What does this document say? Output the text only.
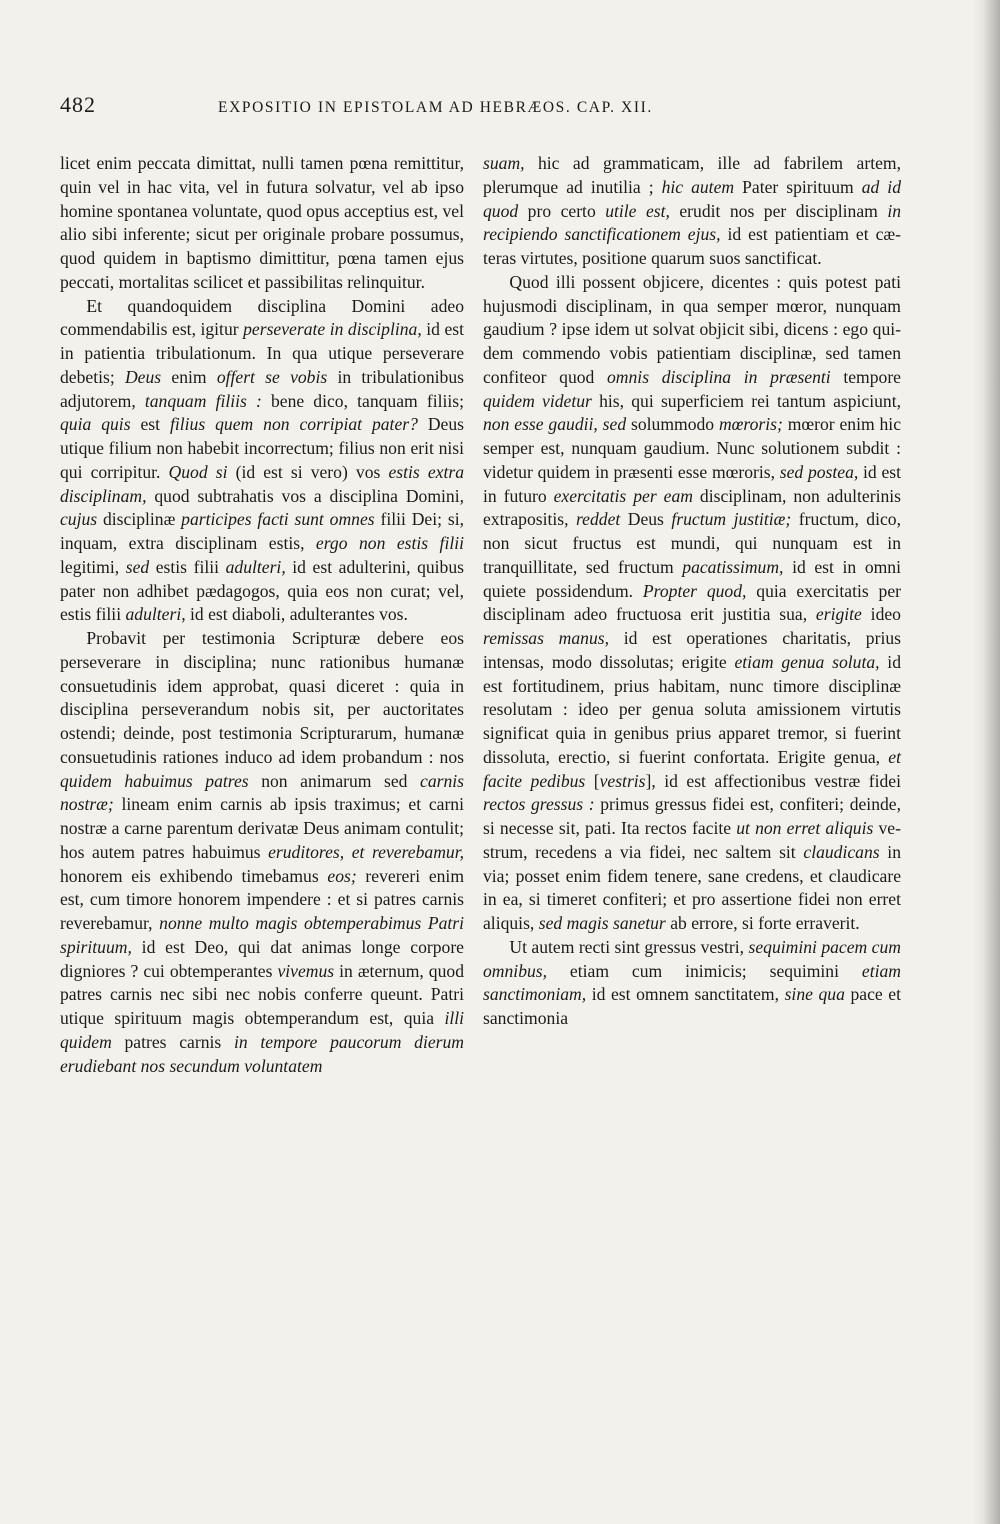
482	EXPOSITIO IN EPISTOLAM AD HEBRÆOS. CAP. XII.

licet enim peccata dimittat, nulli tamen pœna remittitur, quin vel in hac vita, vel in futura solvatur, vel ab ipso homine spontanea voluntate, quod opus acceptius est, vel alio sibi inferente; sicut per originale probare possumus, quod quidem in baptismo dimittitur, pœna tamen ejus peccati, mortalitas scilicet et passibilitas relinquitur.

Et quandoquidem disciplina Domini adeo commendabilis est, igitur perseverate in disciplina, id est in patientia tribulationum. In qua utique perseverare debetis; Deus enim offert se vobis in tribulationibus adjutorem, tanquam filiis : bene dico, tanquam filiis; quia quis est filius quem non corripiat pater? Deus utique filium non habebit incorrectum; filius non erit nisi qui corripitur. Quod si (id est si vero) vos estis extra disciplinam, quod subtrahatis vos a disciplina Domini, cujus disciplinæ participes facti sunt omnes filii Dei; si, inquam, extra disciplinam estis, ergo non estis filii legitimi, sed estis filii adulteri, id est adulterini, quibus pater non adhibet pædagogos, quia eos non curat; vel, estis filii adulteri, id est diaboli, adulterantes vos.

Probavit per testimonia Scripturæ debere eos perseverare in disciplina; nunc rationibus humanæ consuetudinis idem approbat, quasi diceret : quia in disciplina perseverandum nobis sit, per auctoritates ostendi; deinde, post testimonia Scripturarum, humanæ consuetudinis rationes induco ad idem probandum : nos quidem habuimus patres non animarum sed carnis nostræ; lineam enim carnis ab ipsis traximus; et carni nostræ a carne parentum derivatæ Deus animam contulit; hos autem patres habuimus eruditores, et reverebamur, honorem eis exhibendo timebamus eos; revereri enim est, cum timore honorem impendere : et si patres carnis reverebamur, nonne multo magis obtemperabimus Patri spirituum, id est Deo, qui dat animas longe corpore digniores ? cui obtemperantes vivemus in æternum, quod patres carnis nec sibi nec nobis conferre queunt. Patri utique spirituum magis obtemperandum est, quia illi quidem patres carnis in tempore paucorum dierum erudiebant nos secundum voluntatem

suam, hic ad grammaticam, ille ad fabrilem artem, plerumque ad inutilia ; hic autem Pater spirituum ad id quod pro certo utile est, erudit nos per disciplinam in recipiendo sanctificationem ejus, id est patientiam et cæteras virtutes, positione quarum suos sanctificat.

Quod illi possent objicere, dicentes : quis potest pati hujusmodi disciplinam, in qua semper mœror, nunquam gaudium ? ipse idem ut solvat objicit sibi, dicens : ego quidem commendo vobis patientiam disciplinæ, sed tamen confiteor quod omnis disciplina in præsenti tempore quidem videtur his, qui superficiem rei tantum aspiciunt, non esse gaudii, sed solummodo mœroris; mœror enim hic semper est, nunquam gaudium. Nunc solutionem subdit : videtur quidem in præsenti esse mœroris, sed postea, id est in futuro exercitatis per eam disciplinam, non adulterinis extrapositis, reddet Deus fructum justitiæ; fructum, dico, non sicut fructus est mundi, qui nunquam est in tranquillitate, sed fructum pacatissimum, id est in omni quiete possidendum. Propter quod, quia exercitatis per disciplinam adeo fructuosa erit justitia sua, erigite ideo remissas manus, id est operationes charitatis, prius intensas, modo dissolutas; erigite etiam genua soluta, id est fortitudinem, prius habitam, nunc timore disciplinæ resolutam : ideo per genua soluta amissionem virtutis significat quia in genibus prius apparet tremor, si fuerint dissoluta, erectio, si fuerint confortata. Erigite genua, et facite pedibus [vestris], id est affectionibus vestræ fidei rectos gressus : primus gressus fidei est, confiteri; deinde, si necesse sit, pati. Ita rectos facite ut non erret aliquis vestrum, recedens a via fidei, nec saltem sit claudicans in via; posset enim fidem tenere, sane credens, et claudicare in ea, si timeret confiteri; et pro assertione fidei non erret aliquis, sed magis sanetur ab errore, si forte erraverit.

Ut autem recti sint gressus vestri, sequimini pacem cum omnibus, etiam cum inimicis; sequimini etiam sanctimoniam, id est omnem sanctitatem, sine qua pace et sanctimonia
